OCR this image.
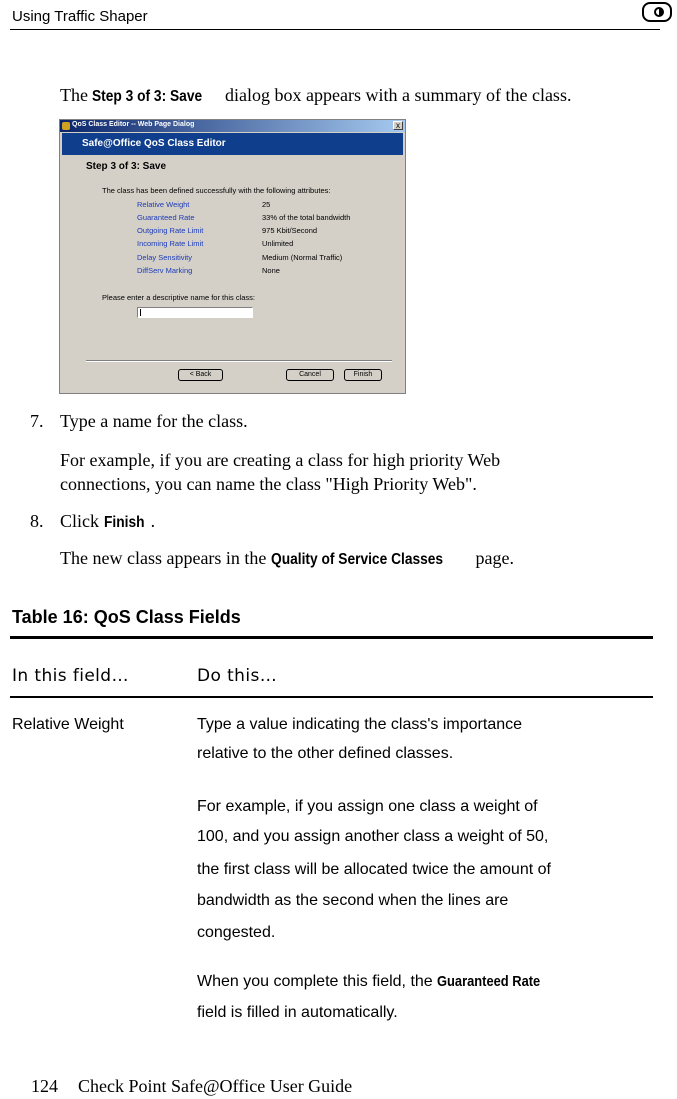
Using Traffic Shaper
The Step 3 of 3: Save dialog box appears with a summary of the class.
QoS Class Editor -- Web Page Dialog	x
Safe@Office QoS Class Editor
Step 3 of 3: Save
The class has been defined successfully with the following attributes:
Relative Weight	25
Guaranteed Rate	33% of the total bandwidth
Outgoing Rate Limit	975 Kbit/Second
Incoming Rate Limit	Unlimited
Delay Sensitivity	Medium (Normal Traffic)
DiffServ Marking	None
Please enter a descriptive name for this class:
< Back	Cancel	Finish
7. Type a name for the class.
For example, if you are creating a class for high priority Web
connections, you can name the class "High Priority Web".
8. Click Finish .
The new class appears in the Quality of Service Classes page.
Table 16: QoS Class Fields
In this field…	Do this…
Relative Weight	Type a value indicating the class's importance
relative to the other defined classes.
For example, if you assign one class a weight of
100, and you assign another class a weight of 50,
the first class will be allocated twice the amount of
bandwidth as the second when the lines are
congested.
When you complete this field, the Guaranteed Rate
field is filled in automatically.
124 Check Point Safe@Office User Guide
